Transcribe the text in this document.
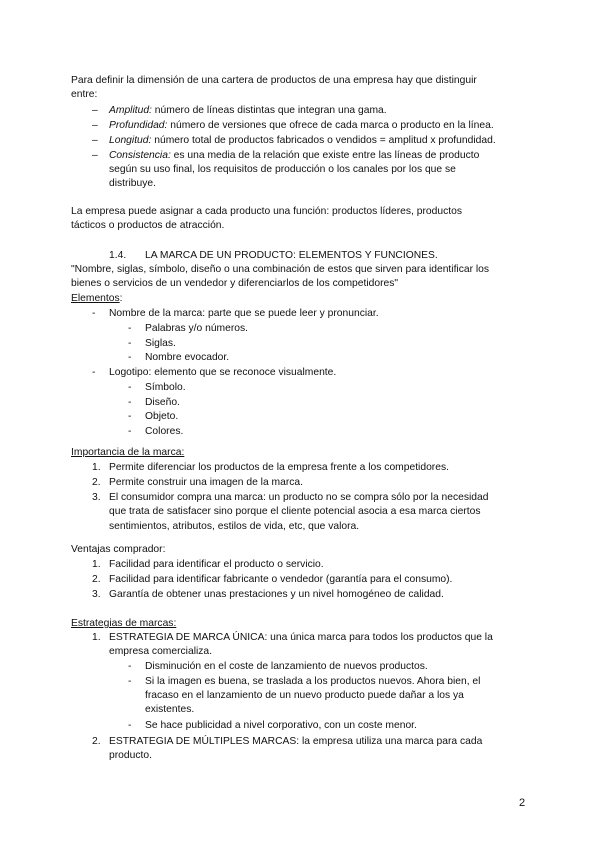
Para definir la dimensión de una cartera de productos de una empresa hay que distinguir
entre:
– Amplitud: número de líneas distintas que integran una gama.
– Profundidad: número de versiones que ofrece de cada marca o producto en la línea.
– Longitud: número total de productos fabricados o vendidos = amplitud x profundidad.
– Consistencia: es una media de la relación que existe entre las líneas de producto
según su uso final, los requisitos de producción o los canales por los que se
distribuye.
La empresa puede asignar a cada producto una función: productos líderes, productos
tácticos o productos de atracción.
1.4. LA MARCA DE UN PRODUCTO: ELEMENTOS Y FUNCIONES.
"Nombre, siglas, símbolo, diseño o una combinación de estos que sirven para identificar los
bienes o servicios de un vendedor y diferenciarlos de los competidores"
Elementos:
- Nombre de la marca: parte que se puede leer y pronunciar.
- Palabras y/o números.
- Siglas.
- Nombre evocador.
- Logotipo: elemento que se reconoce visualmente.
- Símbolo.
- Diseño.
- Objeto.
- Colores.
Importancia de la marca:
1. Permite diferenciar los productos de la empresa frente a los competidores.
2. Permite construir una imagen de la marca.
3. El consumidor compra una marca: un producto no se compra sólo por la necesidad
que trata de satisfacer sino porque el cliente potencial asocia a esa marca ciertos
sentimientos, atributos, estilos de vida, etc, que valora.
Ventajas comprador:
1. Facilidad para identificar el producto o servicio.
2. Facilidad para identificar fabricante o vendedor (garantía para el consumo).
3. Garantía de obtener unas prestaciones y un nivel homogéneo de calidad.
Estrategias de marcas:
1. ESTRATEGIA DE MARCA ÚNICA: una única marca para todos los productos que la
empresa comercializa.
- Disminución en el coste de lanzamiento de nuevos productos.
- Si la imagen es buena, se traslada a los productos nuevos. Ahora bien, el
fracaso en el lanzamiento de un nuevo producto puede dañar a los ya
existentes.
- Se hace publicidad a nivel corporativo, con un coste menor.
2. ESTRATEGIA DE MÚLTIPLES MARCAS: la empresa utiliza una marca para cada
producto.
2
